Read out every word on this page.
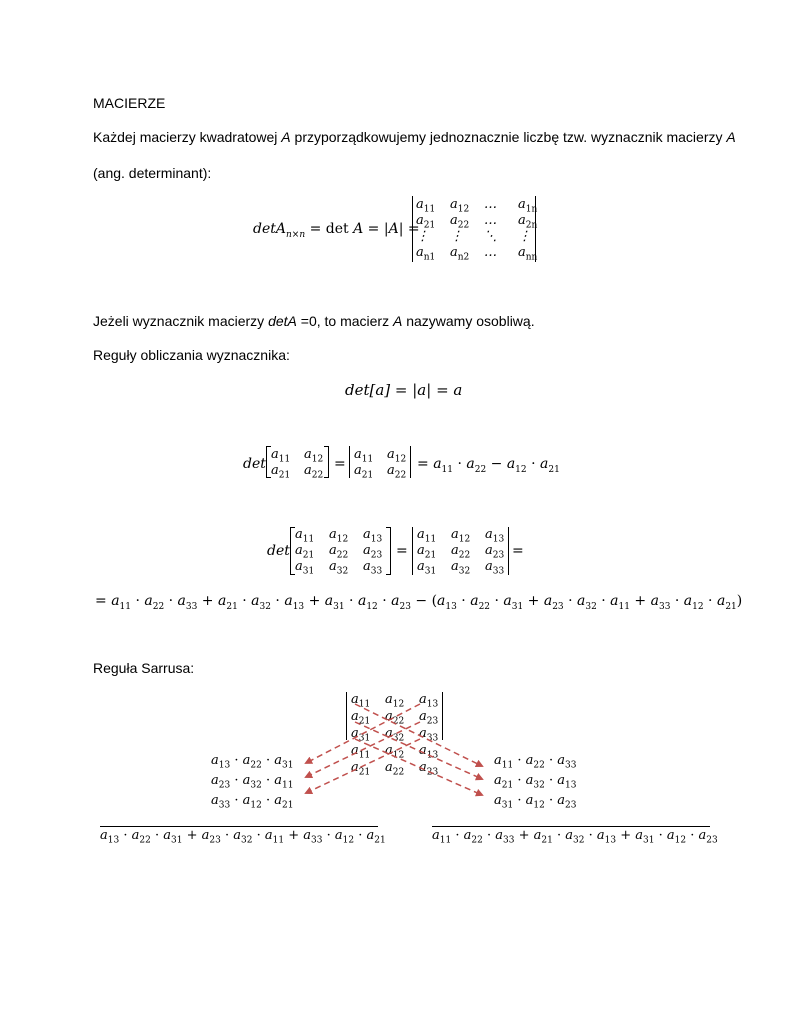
MACIERZE
Każdej macierzy kwadratowej A przyporządkowujemy jednoznacznie liczbę tzw. wyznacznik macierzy A
(ang. determinant):
detA$_{n\times n}$ = det A = |A| =
$a_{11}$ $a_{12}$ … $a_{1n}$
$a_{21}$ $a_{22}$ … $a_{2n}$
⋮ ⋮ ⋱ ⋮
$a_{n1}$ $a_{n2}$ … $a_{nn}$
Jeżeli wyznacznik macierzy detA =0, to macierz A nazywamy osobliwą.
Reguły obliczania wyznacznika:
det[a] = |a| = a
det	=
$a_{11}$ $a_{12}$
$a_{21}$ $a_{22}$
$a_{11}$ $a_{12}$
$a_{21}$ $a_{22}$
= $a_{11} \cdot a_{22} - a_{12} \cdot a_{21}$
det	=	=
$a_{11}$ $a_{12}$ $a_{13}$
$a_{21}$ $a_{22}$ $a_{23}$
$a_{31}$ $a_{32}$ $a_{33}$
$a_{11}$ $a_{12}$ $a_{13}$
$a_{21}$ $a_{22}$ $a_{23}$
$a_{31}$ $a_{32}$ $a_{33}$
= $a_{11} \cdot a_{22} \cdot a_{33} + a_{21} \cdot a_{32} \cdot a_{13} + a_{31} \cdot a_{12} \cdot a_{23} - (a_{13} \cdot a_{22} \cdot a_{31} + a_{23} \cdot a_{32} \cdot a_{11} + a_{33} \cdot a_{12} \cdot a_{21})$
Reguła Sarrusa:
$a_{11}$ $a_{12}$ $a_{13}$
$a_{21}$ $a_{22}$ $a_{23}$
$a_{31}$ $a_{32}$ $a_{33}$
$a_{11}$ $a_{12}$ $a_{13}$
$a_{21}$ $a_{22}$ $a_{23}$
$a_{13} \cdot a_{22} \cdot a_{31}$
$a_{23} \cdot a_{32} \cdot a_{11}$
$a_{33} \cdot a_{12} \cdot a_{21}$
$a_{11} \cdot a_{22} \cdot a_{33}$
$a_{21} \cdot a_{32} \cdot a_{13}$
$a_{31} \cdot a_{12} \cdot a_{23}$
$a_{13} \cdot a_{22} \cdot a_{31} + a_{23} \cdot a_{32} \cdot a_{11} + a_{33} \cdot a_{12} \cdot a_{21}$	$a_{11} \cdot a_{22} \cdot a_{33} + a_{21} \cdot a_{32} \cdot a_{13} + a_{31} \cdot a_{12} \cdot a_{23}$
